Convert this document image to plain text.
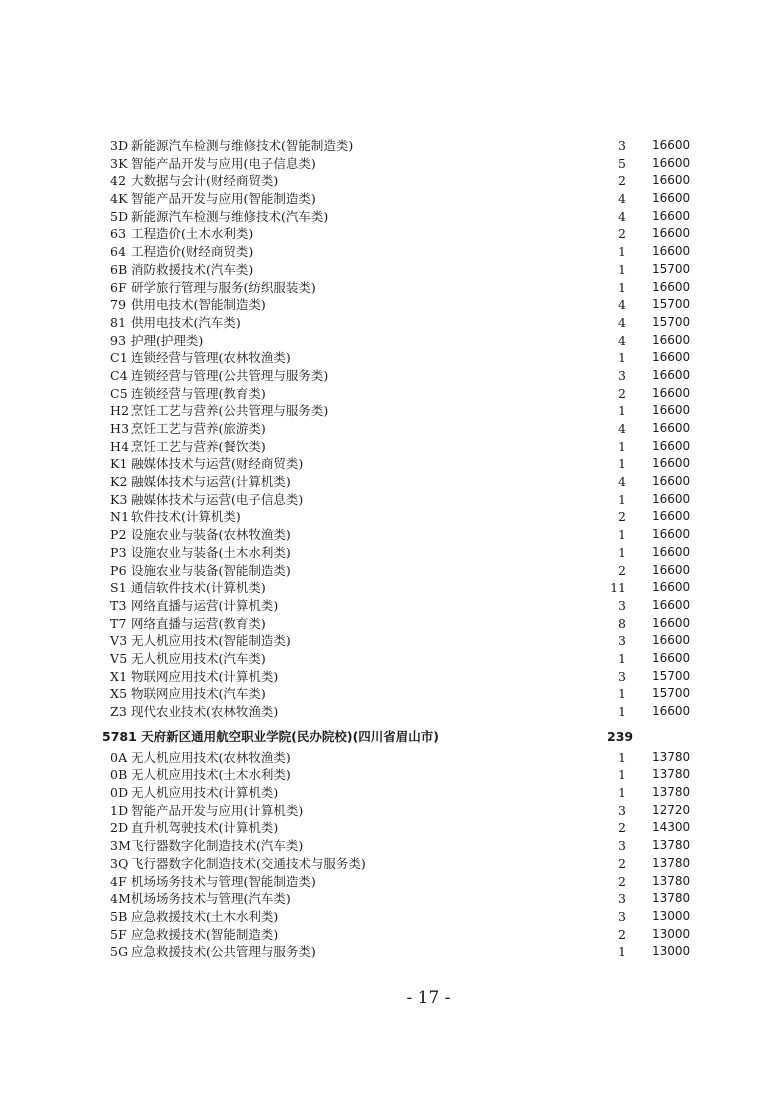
3D 新能源汽车检测与维修技术(智能制造类)	3 16600
3K 智能产品开发与应用(电子信息类)	5 16600
42 大数据与会计(财经商贸类)	2 16600
4K 智能产品开发与应用(智能制造类)	4 16600
5D 新能源汽车检测与维修技术(汽车类)	4 16600
63 工程造价(土木水利类)	2 16600
64 工程造价(财经商贸类)	1 16600
6B 消防救援技术(汽车类)	1 15700
6F 研学旅行管理与服务(纺织服装类)	1 16600
79 供用电技术(智能制造类)	4 15700
81 供用电技术(汽车类)	4 15700
93 护理(护理类)	4 16600
C1 连锁经营与管理(农林牧渔类)	1 16600
C4 连锁经营与管理(公共管理与服务类)	3 16600
C5 连锁经营与管理(教育类)	2 16600
H2 烹饪工艺与营养(公共管理与服务类)	1 16600
H3 烹饪工艺与营养(旅游类)	4 16600
H4 烹饪工艺与营养(餐饮类)	1 16600
K1 融媒体技术与运营(财经商贸类)	1 16600
K2 融媒体技术与运营(计算机类)	4 16600
K3 融媒体技术与运营(电子信息类)	1 16600
N1 软件技术(计算机类)	2 16600
P2 设施农业与装备(农林牧渔类)	1 16600
P3 设施农业与装备(土木水利类)	1 16600
P6 设施农业与装备(智能制造类)	2 16600
S1 通信软件技术(计算机类)	11 16600
T3 网络直播与运营(计算机类)	3 16600
T7 网络直播与运营(教育类)	8 16600
V3 无人机应用技术(智能制造类)	3 16600
V5 无人机应用技术(汽车类)	1 16600
X1 物联网应用技术(计算机类)	3 15700
X5 物联网应用技术(汽车类)	1 15700
Z3 现代农业技术(农林牧渔类)	1 16600
5781 天府新区通用航空职业学院(民办院校)(四川省眉山市)	239
0A 无人机应用技术(农林牧渔类)	1 13780
0B 无人机应用技术(土木水利类)	1 13780
0D 无人机应用技术(计算机类)	1 13780
1D 智能产品开发与应用(计算机类)	3 12720
2D 直升机驾驶技术(计算机类)	2 14300
3M 飞行器数字化制造技术(汽车类)	3 13780
3Q 飞行器数字化制造技术(交通技术与服务类)	2 13780
4F 机场场务技术与管理(智能制造类)	2 13780
4M 机场场务技术与管理(汽车类)	3 13780
5B 应急救援技术(土木水利类)	3 13000
5F 应急救援技术(智能制造类)	2 13000
5G 应急救援技术(公共管理与服务类)	1 13000
- 17 -
